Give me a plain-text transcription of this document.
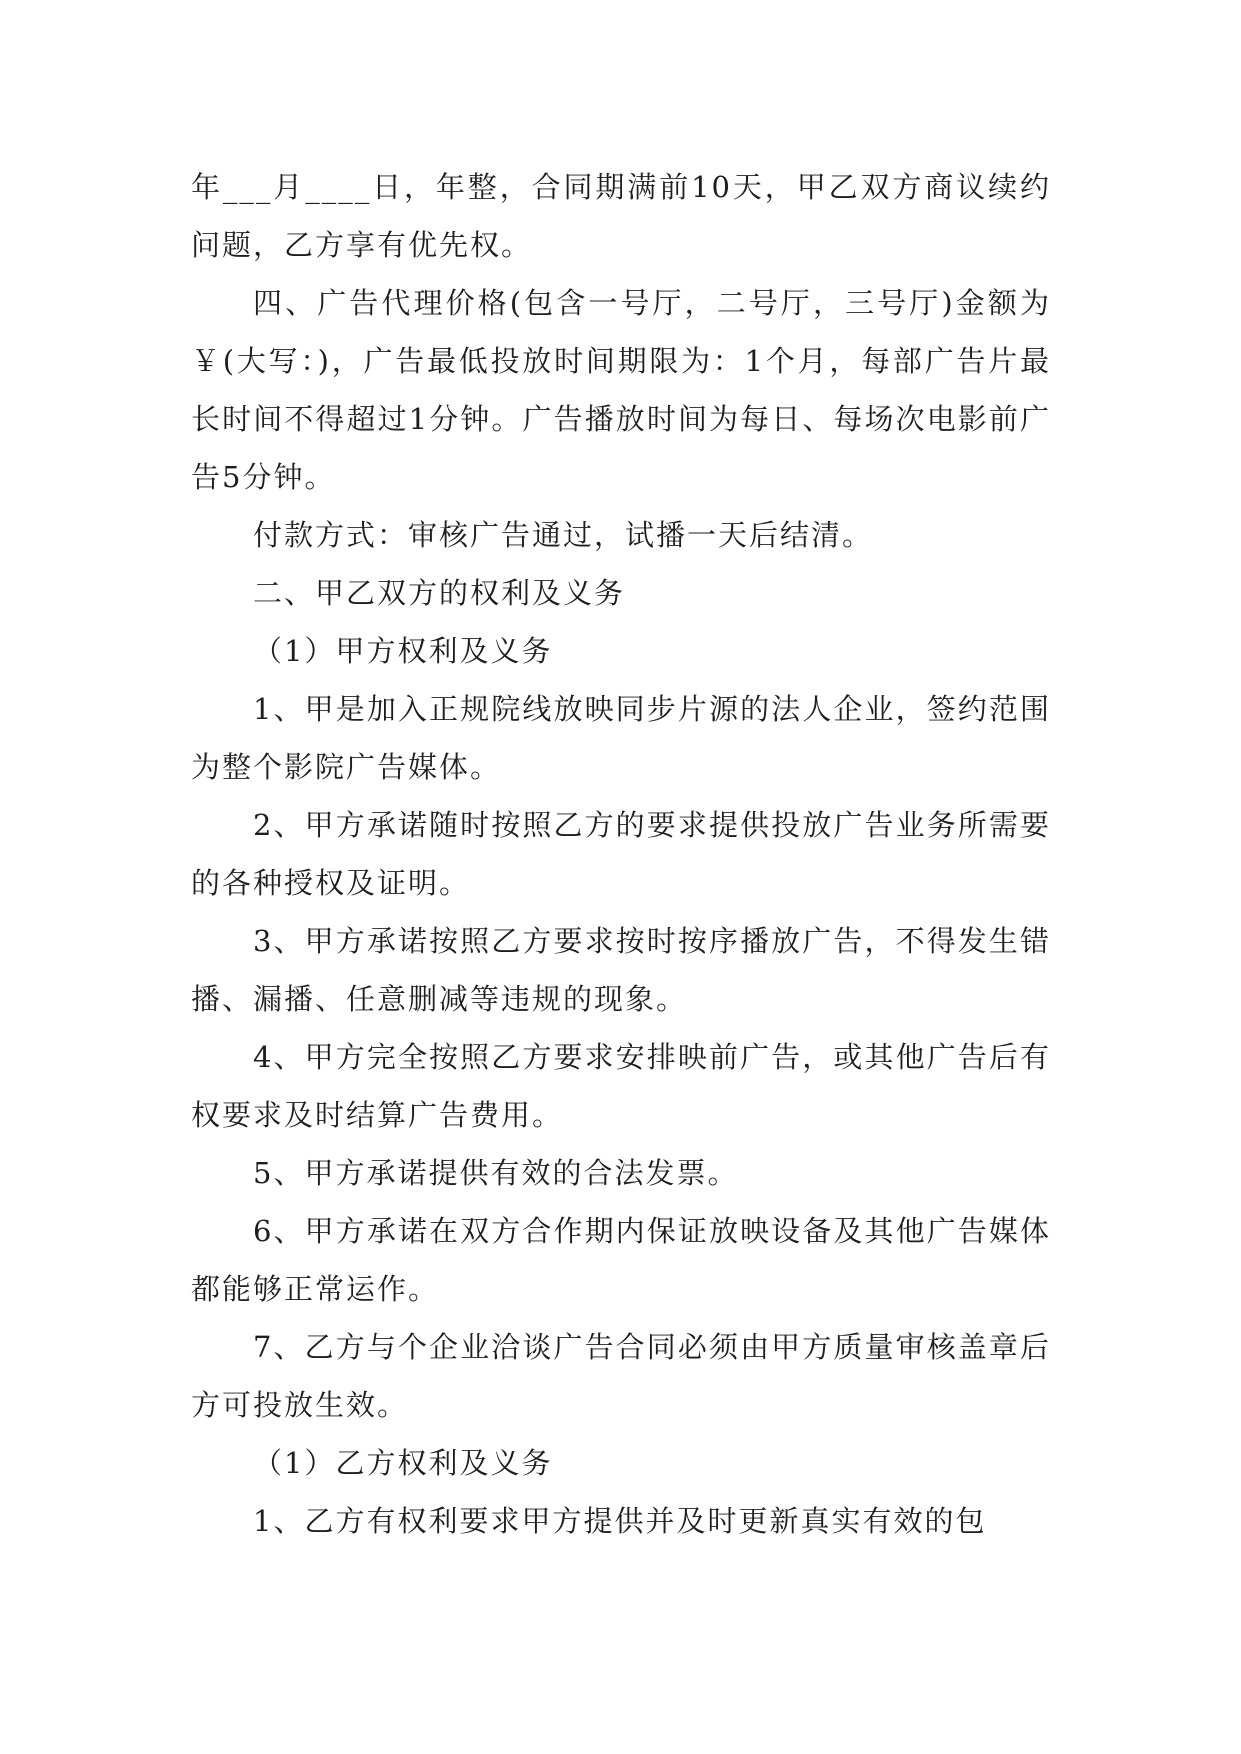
年___月____日，年整，合同期满前10天，甲乙双方商议续约问题，乙方享有优先权。

四、广告代理价格(包含一号厅，二号厅，三号厅)金额为￥(大写：)，广告最低投放时间期限为：1个月，每部广告片最长时间不得超过1分钟。广告播放时间为每日、每场次电影前广告5分钟。

付款方式：审核广告通过，试播一天后结清。

二、甲乙双方的权利及义务

（1）甲方权利及义务

1、甲是加入正规院线放映同步片源的法人企业，签约范围为整个影院广告媒体。

2、甲方承诺随时按照乙方的要求提供投放广告业务所需要的各种授权及证明。

3、甲方承诺按照乙方要求按时按序播放广告，不得发生错播、漏播、任意删减等违规的现象。

4、甲方完全按照乙方要求安排映前广告，或其他广告后有权要求及时结算广告费用。

5、甲方承诺提供有效的合法发票。

6、甲方承诺在双方合作期内保证放映设备及其他广告媒体都能够正常运作。

7、乙方与个企业洽谈广告合同必须由甲方质量审核盖章后方可投放生效。

（1）乙方权利及义务

1、乙方有权利要求甲方提供并及时更新真实有效的包
